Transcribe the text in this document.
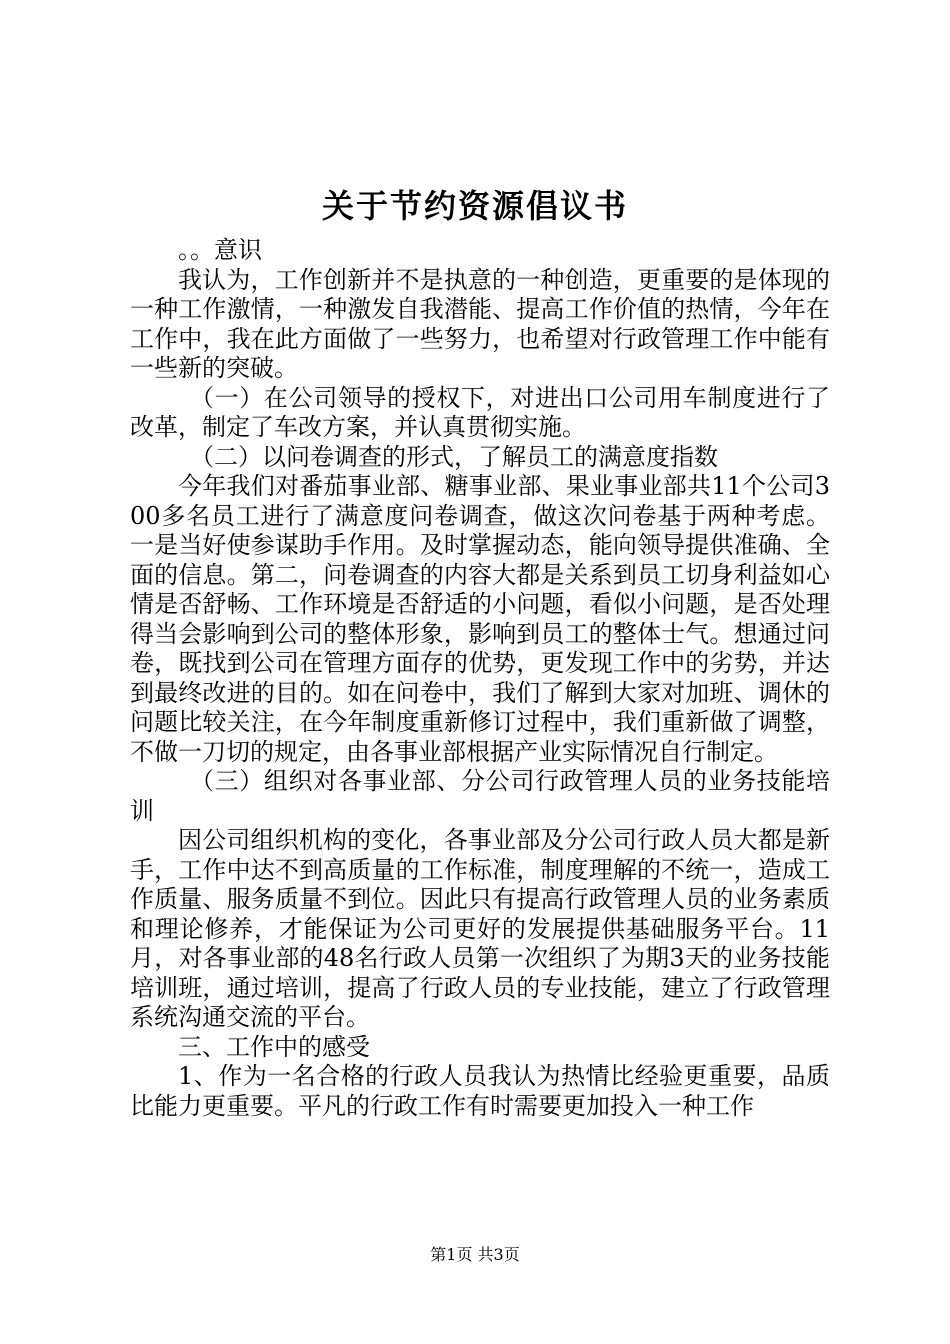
关于节约资源倡议书

。。意识

我认为，工作创新并不是执意的一种创造，更重要的是体现的一种工作激情，一种激发自我潜能、提高工作价值的热情，今年在工作中，我在此方面做了一些努力，也希望对行政管理工作中能有一些新的突破。

（一）在公司领导的授权下，对进出口公司用车制度进行了改革，制定了车改方案，并认真贯彻实施。

（二）以问卷调查的形式，了解员工的满意度指数

今年我们对番茄事业部、糖事业部、果业事业部共11个公司300多名员工进行了满意度问卷调查，做这次问卷基于两种考虑。一是当好使参谋助手作用。及时掌握动态，能向领导提供准确、全面的信息。第二，问卷调查的内容大都是关系到员工切身利益如心情是否舒畅、工作环境是否舒适的小问题，看似小问题，是否处理得当会影响到公司的整体形象，影响到员工的整体士气。想通过问卷，既找到公司在管理方面存的优势，更发现工作中的劣势，并达到最终改进的目的。如在问卷中，我们了解到大家对加班、调休的问题比较关注，在今年制度重新修订过程中，我们重新做了调整，不做一刀切的规定，由各事业部根据产业实际情况自行制定。

（三）组织对各事业部、分公司行政管理人员的业务技能培训

因公司组织机构的变化，各事业部及分公司行政人员大都是新手，工作中达不到高质量的工作标准，制度理解的不统一，造成工作质量、服务质量不到位。因此只有提高行政管理人员的业务素质和理论修养，才能保证为公司更好的发展提供基础服务平台。11月，对各事业部的48名行政人员第一次组织了为期3天的业务技能培训班，通过培训，提高了行政人员的专业技能，建立了行政管理系统沟通交流的平台。

三、工作中的感受

1、作为一名合格的行政人员我认为热情比经验更重要，品质比能力更重要。平凡的行政工作有时需要更加投入一种工作

第1页 共3页
